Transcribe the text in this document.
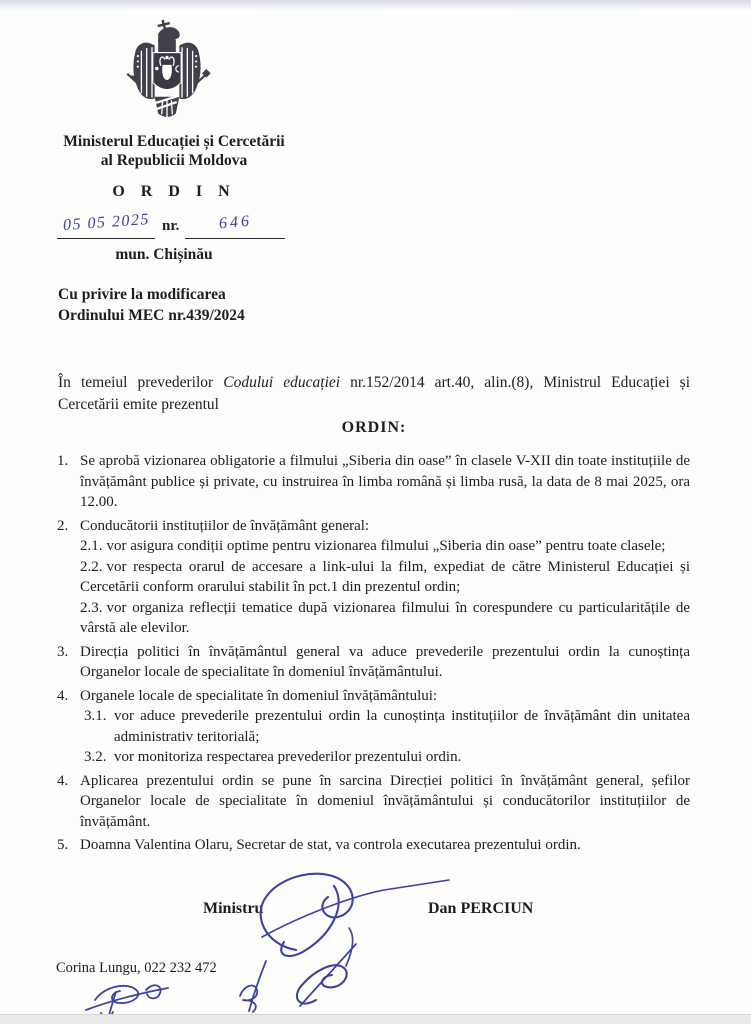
Ministerul Educației și Cercetării
al Republicii Moldova
O R D I N
05 05 2025 nr. 646
mun. Chișinău
Cu privire la modificarea
Ordinului MEC nr.439/2024

În temeiul prevederilor Codului educației nr.152/2014 art.40, alin.(8), Ministrul Educației și Cercetării emite prezentul

ORDIN:
1. Se aprobă vizionarea obligatorie a filmului „Siberia din oase” în clasele V-XII din toate instituțiile de învățământ publice și private, cu instruirea în limba română și limba rusă, la data de 8 mai 2025, ora 12.00.
2. Conducătorii instituțiilor de învățământ general:

2.1. vor asigura condiții optime pentru vizionarea filmului „Siberia din oase” pentru toate clasele;

2.2. vor respecta orarul de accesare a link-ului la film, expediat de către Ministerul Educației și Cercetării conform orarului stabilit în pct.1 din prezentul ordin;

2.3. vor organiza reflecții tematice după vizionarea filmului în corespundere cu particularitățile de vârstă ale elevilor.

3. Direcția politici în învățământul general va aduce prevederile prezentului ordin la cunoștința Organelor locale de specialitate în domeniul învățământului.
4. Organele locale de specialitate în domeniul învățământului:

3.1. vor aduce prevederile prezentului ordin la cunoștința instituțiilor de învățământ din unitatea administrativ teritorială;
3.2. vor monitoriza respectarea prevederilor prezentului ordin.
4. Aplicarea prezentului ordin se pune în sarcina Direcției politici în învățământ general, șefilor Organelor locale de specialitate în domeniul învățământului și conducătorilor instituțiilor de învățământ.
5. Doamna Valentina Olaru, Secretar de stat, va controla executarea prezentului ordin.
Ministru	Dan PERCIUN
Corina Lungu, 022 232 472
